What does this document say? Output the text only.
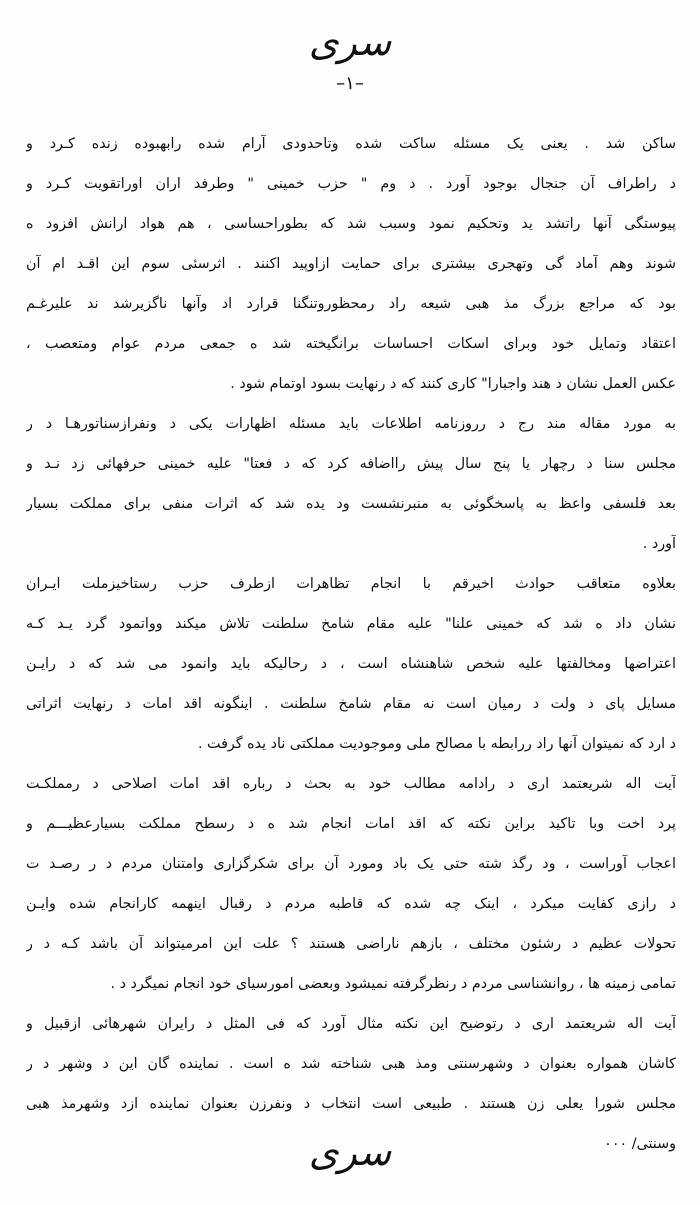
سری
–۱–
ساکن شد . یعنی یک مسئله ساکت شده وتاحدودی آرام شده رابهبوده زنده کـرد و
د راطراف آن جنجال بوجود آورد . د وم " حزب خمینی " وطرفد اران اوراتقویت کـرد و
پیوستگی آنها راتشد ید وتحکیم نمود وسبب شد که بطوراحساسی ، هم هواد ارانش افزود ه
شوند وهم آماد گی وتهجری بیشتری برای حمایت ازاوپید اکنند . اثرسئی سوم این اقـد ام آن
بود که مراجع بزرگ مذ هبی شیعه راد رمحظوروتنگنا قرارد اد وآنها ناگزیرشد ند علیرغـم
اعتقاد وتمایل خود وبرای اسکات احساسات برانگیخته شد ه جمعی مردم عوام ومتعصب ،
عکس العمل نشان د هند واجبارا" کاری کنند که د رنهایت بسود اوتمام شود .
به مورد مقاله مند رج د رروزنامه اطلاعات باید مسئله اظهارات یکی د ونفرازسناتورهـا د ر
مجلس سنا د رچهار یا پنج سال پیش رااضافه کرد که د فعتا" علیه خمینی حرفهائی زد نـد و
بعد فلسفی واعظ به پاسخگوئی به منبرنشست ود یده شد که اثرات منفی برای مملکت بسیار
آورد .
بعلاوه متعاقب حوادث اخیرقم با انجام تظاهرات ازطرف حزب رستاخیزملت ایـران
نشان داد ه شد که خمینی علنا" علیه مقام شامخ سلطنت تلاش میکند وواتمود گرد یـد کـه
اعتراضها ومخالفتها علیه شخص شاهنشاه است ، د رحالیکه باید وانمود می شد که د رایـن
مسایل پای د ولت د رمیان است نه مقام شامخ سلطنت . اینگونه اقد امات د رنهایت اثراتی
د ارد که نمیتوان آنها راد ررابطه با مصالح ملی وموجودیت مملکتی ناد یده گرفت .
آیت اله شریعتمد اری د رادامه مطالب خود به بحث د رباره اقد امات اصلاحی د رمملکـت
پرد اخت وبا تاکید براین نکته که اقد امات انجام شد ه د رسطح مملکت بسیارعظیـــم و
اعجاب آوراست ، ود رگذ شته حتی یک باد ومورد آن برای شکرگزاری وامتنان مردم د ر رصـد ت
د رازی کفایت میکرد ، اینک چه شده که قاطبه مردم د رقبال اینهمه کارانجام شده وایـن
تحولات عظیم د رشئون مختلف ، بازهم ناراضی هستند ؟ علت این امرمیتواند آن باشد کـه د ر
تمامی زمینه ها ، روانشناسی مردم د رنظرگرفته نمیشود وبعضی امورسیای خود انجام نمیگرد د .
آیت اله شریعتمد اری د رتوضیح این نکته مثال آورد که فی المثل د رایران شهرهائی ازقبیل و
کاشان همواره بعنوان د وشهرسنتی ومذ هبی شناخته شد ه است . نماینده گان این د وشهر د ر
مجلس شورا یعلی زن هستند . طبیعی است انتخاب د ونفرزن بعنوان نماینده ازد وشهرمذ هبی
وسنتی/ ۰۰۰
سری
